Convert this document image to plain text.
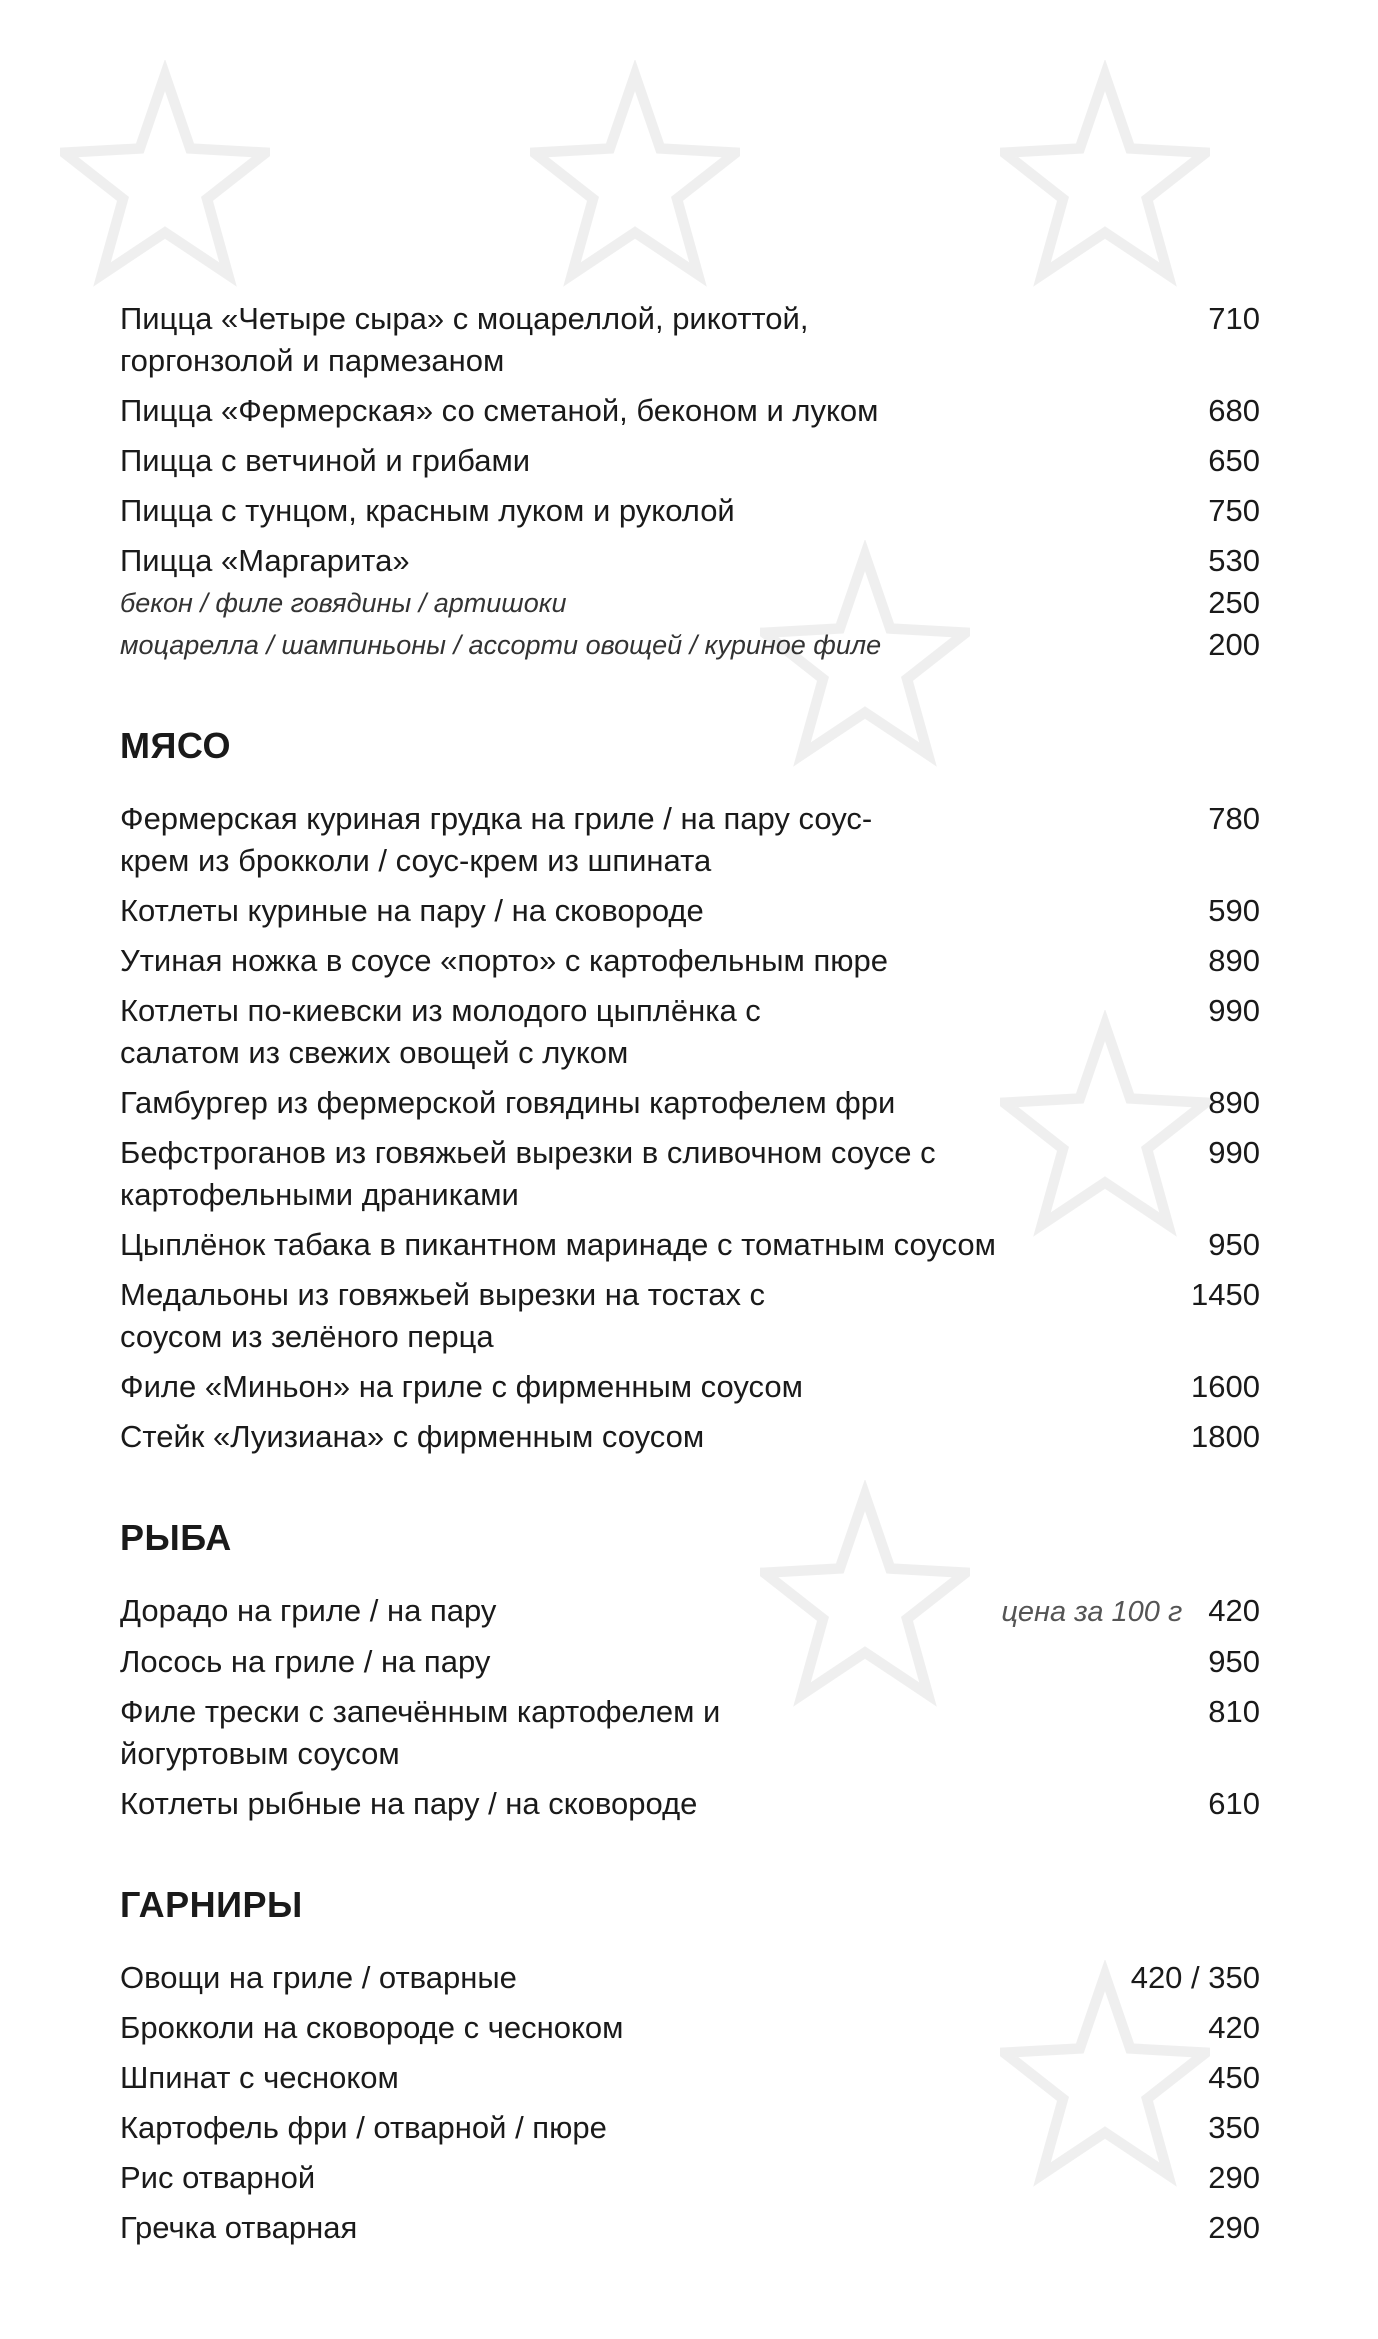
Пицца «Четыре сыра» с моцареллой, рикоттой, горгонзолой и пармезаном
710
Пицца «Фермерская» со сметаной, беконом и луком	680
Пицца с ветчиной и грибами	650
Пицца с тунцом, красным луком и руколой	750
Пицца «Маргарита»	530
бекон / филе говядины / артишоки	250
моцарелла / шампиньоны / ассорти овощей / куриное филе	200
МЯСО
Фермерская куриная грудка на гриле / на пару соус-крем из брокколи / соус-крем из шпината
780
Котлеты куриные на пару / на сковороде	590
Утиная ножка в соусе «порто» с картофельным пюре	890
Котлеты по-киевски из молодого цыплёнка с салатом из свежих овощей с луком
990
Гамбургер из фермерской говядины картофелем фри	890
Бефстроганов из говяжьей вырезки в сливочном соусе с картофельными драниками
990
Цыплёнок табака в пикантном маринаде с томатным соусом	950
Медальоны из говяжьей вырезки на тостах с соусом из зелёного перца
1450
Филе «Миньон» на гриле с фирменным соусом	1600
Стейк «Луизиана» с фирменным соусом	1800
РЫБА
Дорадо на гриле / на пару	цена за 100 г 420
Лосось на гриле / на пару	950
Филе трески с запечённым картофелем и йогуртовым соусом
810
Котлеты рыбные на пару / на сковороде	610
ГАРНИРЫ
Овощи на гриле / отварные	420 / 350
Брокколи на сковороде с чесноком	420
Шпинат с чесноком	450
Картофель фри / отварной / пюре	350
Рис отварной	290
Гречка отварная	290
